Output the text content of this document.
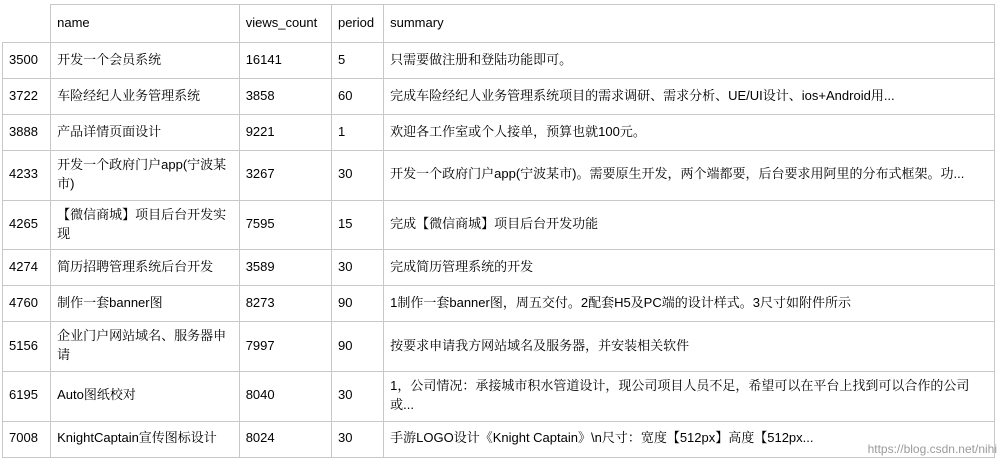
	name	views_count	period	summary
3500	开发一个会员系统	16141	5	只需要做注册和登陆功能即可。
3722	车险经纪人业务管理系统	3858	60	完成车险经纪人业务管理系统项目的需求调研、需求分析、UE/UI设计、ios+Android用...
3888	产品详情页面设计	9221	1	欢迎各工作室或个人接单，预算也就100元。
4233	开发一个政府门户app(宁波某市)	3267	30	开发一个政府门户app(宁波某市)。需要原生开发，两个端都要，后台要求用阿里的分布式框架。功...
4265	【微信商城】项目后台开发实现	7595	15	完成【微信商城】项目后台开发功能
4274	简历招聘管理系统后台开发	3589	30	完成简历管理系统的开发
4760	制作一套banner图	8273	90	1制作一套banner图，周五交付。2配套H5及PC端的设计样式。3尺寸如附件所示
5156	企业门户网站域名、服务器申请	7997	90	按要求申请我方网站域名及服务器，并安装相关软件
6195	Auto图纸校对	8040	30	1，公司情况：承接城市积水管道设计，现公司项目人员不足，希望可以在平台上找到可以合作的公司或...
7008	KnightCaptain宣传图标设计	8024	30	手游LOGO设计《Knight Captain》\n尺寸：宽度【512px】高度【512px...
https://blog.csdn.net/nihi
